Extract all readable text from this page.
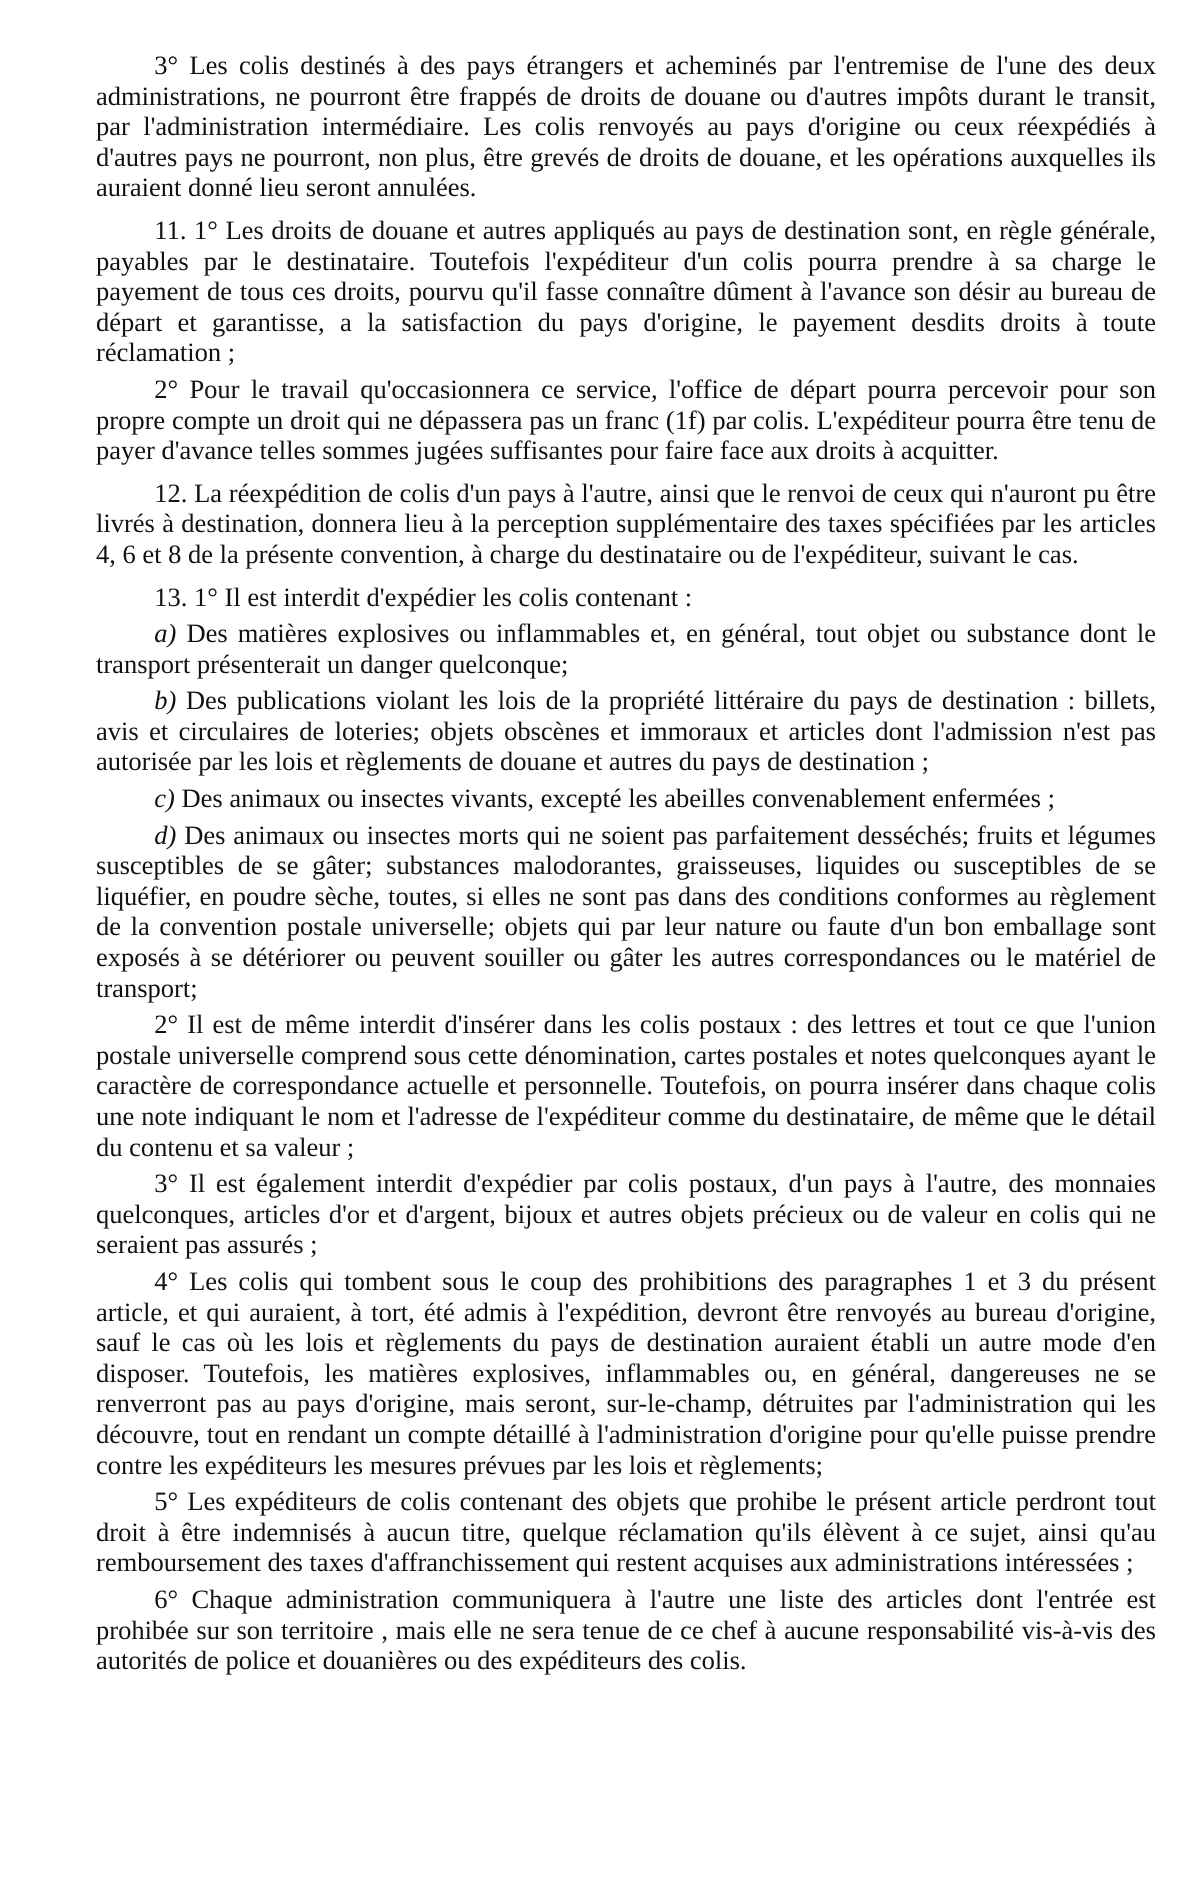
3° Les colis destinés à des pays étrangers et acheminés par l'entremise de l'une des deux administrations, ne pourront être frappés de droits de douane ou d'autres impôts durant le transit, par l'administration intermédiaire. Les colis renvoyés au pays d'origine ou ceux réexpédiés à d'autres pays ne pourront, non plus, être grevés de droits de douane, et les opérations auxquelles ils auraient donné lieu seront annulées.

11. 1° Les droits de douane et autres appliqués au pays de destination sont, en règle générale, payables par le destinataire. Toutefois l'expéditeur d'un colis pourra prendre à sa charge le payement de tous ces droits, pourvu qu'il fasse connaître dûment à l'avance son désir au bureau de départ et garantisse, a la satisfaction du pays d'origine, le payement desdits droits à toute réclamation ;

2° Pour le travail qu'occasionnera ce service, l'office de départ pourra percevoir pour son propre compte un droit qui ne dépassera pas un franc (1f) par colis. L'expéditeur pourra être tenu de payer d'avance telles sommes jugées suffisantes pour faire face aux droits à acquitter.

12. La réexpédition de colis d'un pays à l'autre, ainsi que le renvoi de ceux qui n'auront pu être livrés à destination, donnera lieu à la perception supplémentaire des taxes spécifiées par les articles 4, 6 et 8 de la présente convention, à charge du destinataire ou de l'expéditeur, suivant le cas.

13. 1° Il est interdit d'expédier les colis contenant :

a) Des matières explosives ou inflammables et, en général, tout objet ou substance dont le transport présenterait un danger quelconque;

b) Des publications violant les lois de la propriété littéraire du pays de destination : billets, avis et circulaires de loteries; objets obscènes et immoraux et articles dont l'admission n'est pas autorisée par les lois et règlements de douane et autres du pays de destination ;

c) Des animaux ou insectes vivants, excepté les abeilles convenablement enfermées ;

d) Des animaux ou insectes morts qui ne soient pas parfaitement desséchés; fruits et légumes susceptibles de se gâter; substances malodorantes, graisseuses, liquides ou susceptibles de se liquéfier, en poudre sèche, toutes, si elles ne sont pas dans des conditions conformes au règlement de la convention postale universelle; objets qui par leur nature ou faute d'un bon emballage sont exposés à se détériorer ou peuvent souiller ou gâter les autres correspondances ou le matériel de transport;

2° Il est de même interdit d'insérer dans les colis postaux : des lettres et tout ce que l'union postale universelle comprend sous cette dénomination, cartes postales et notes quelconques ayant le caractère de correspondance actuelle et personnelle. Toutefois, on pourra insérer dans chaque colis une note indiquant le nom et l'adresse de l'expéditeur comme du destinataire, de même que le détail du contenu et sa valeur ;

3° Il est également interdit d'expédier par colis postaux, d'un pays à l'autre, des monnaies quelconques, articles d'or et d'argent, bijoux et autres objets précieux ou de valeur en colis qui ne seraient pas assurés ;

4° Les colis qui tombent sous le coup des prohibitions des paragraphes 1 et 3 du présent article, et qui auraient, à tort, été admis à l'expédition, devront être renvoyés au bureau d'origine, sauf le cas où les lois et règlements du pays de destination auraient établi un autre mode d'en disposer. Toutefois, les matières explosives, inflammables ou, en général, dangereuses ne se renverront pas au pays d'origine, mais seront, sur-le-champ, détruites par l'administration qui les découvre, tout en rendant un compte détaillé à l'administration d'origine pour qu'elle puisse prendre contre les expéditeurs les mesures prévues par les lois et règlements;

5° Les expéditeurs de colis contenant des objets que prohibe le présent article perdront tout droit à être indemnisés à aucun titre, quelque réclamation qu'ils élèvent à ce sujet, ainsi qu'au remboursement des taxes d'affranchissement qui restent acquises aux administrations intéressées ;

6° Chaque administration communiquera à l'autre une liste des articles dont l'entrée est prohibée sur son territoire , mais elle ne sera tenue de ce chef à aucune responsabilité vis-à-vis des autorités de police et douanières ou des expéditeurs des colis.
